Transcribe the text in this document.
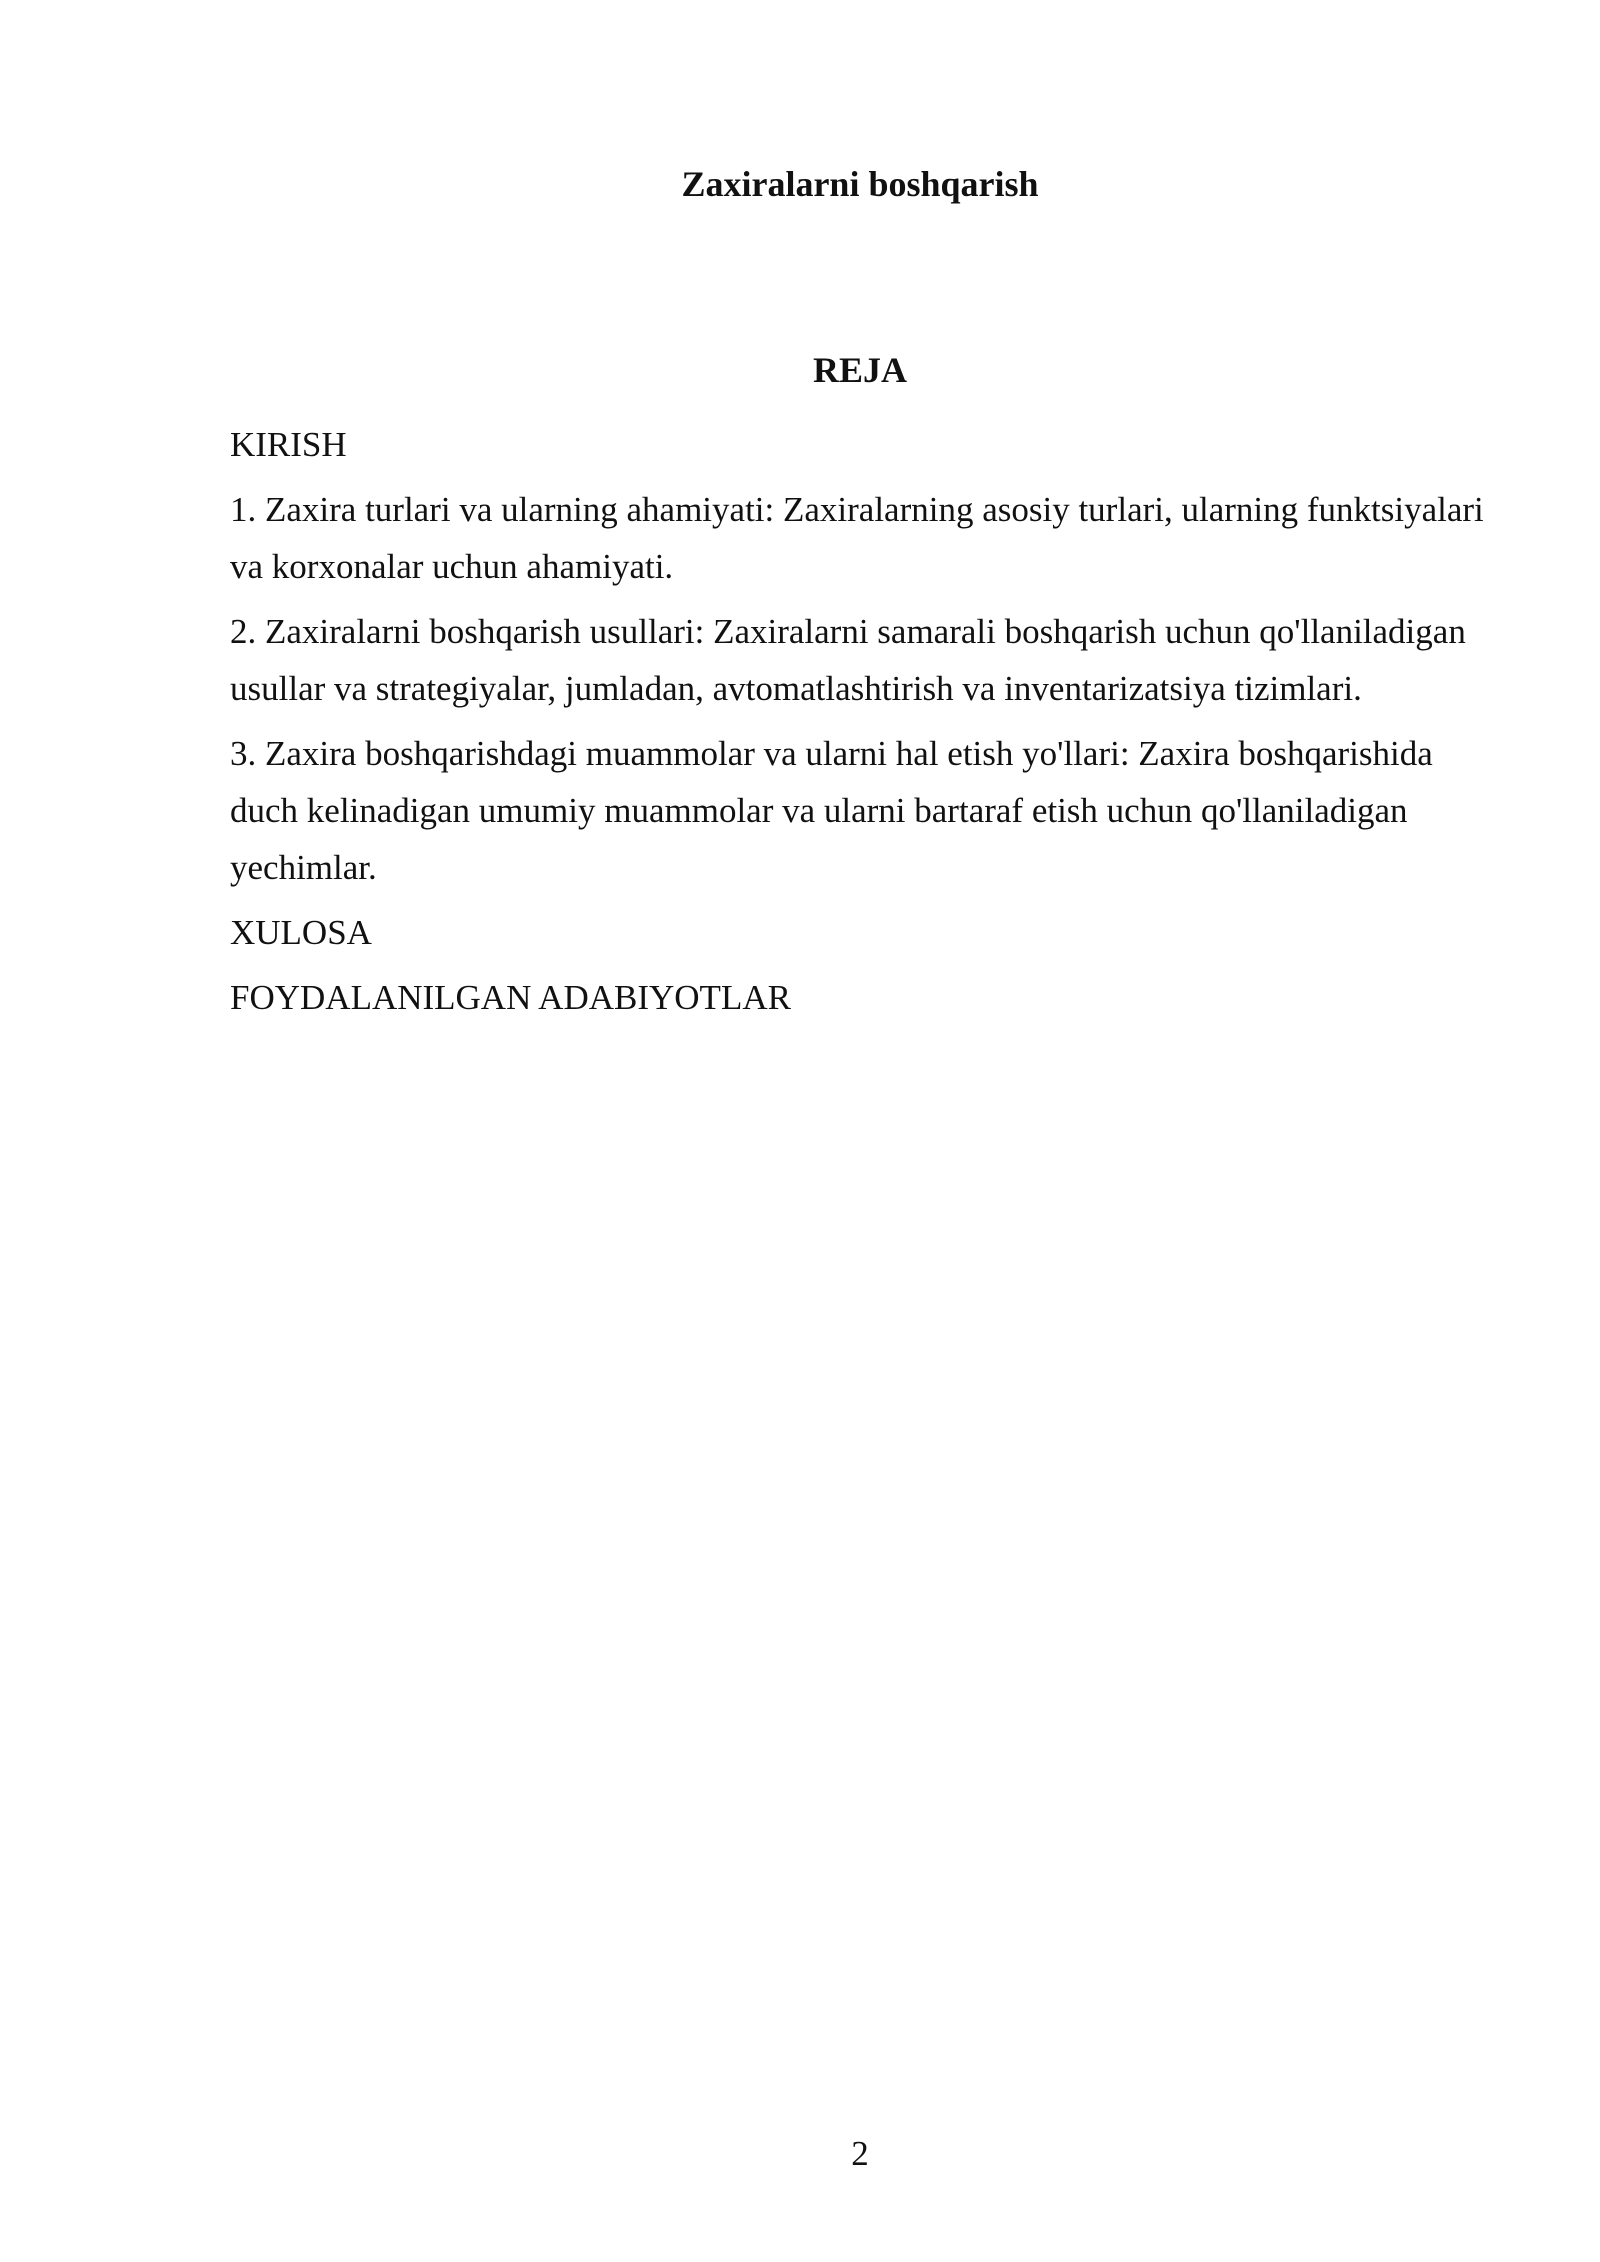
Zaxiralarni boshqarish
REJA

KIRISH

1. Zaxira turlari va ularning ahamiyati: Zaxiralarning asosiy turlari, ularning funktsiyalari va korxonalar uchun ahamiyati.

2. Zaxiralarni boshqarish usullari: Zaxiralarni samarali boshqarish uchun qo'llaniladigan usullar va strategiyalar, jumladan, avtomatlashtirish va inventarizatsiya tizimlari.

3. Zaxira boshqarishdagi muammolar va ularni hal etish yo'llari: Zaxira boshqarishida duch kelinadigan umumiy muammolar va ularni bartaraf etish uchun qo'llaniladigan yechimlar.

XULOSA

FOYDALANILGAN ADABIYOTLAR

2
